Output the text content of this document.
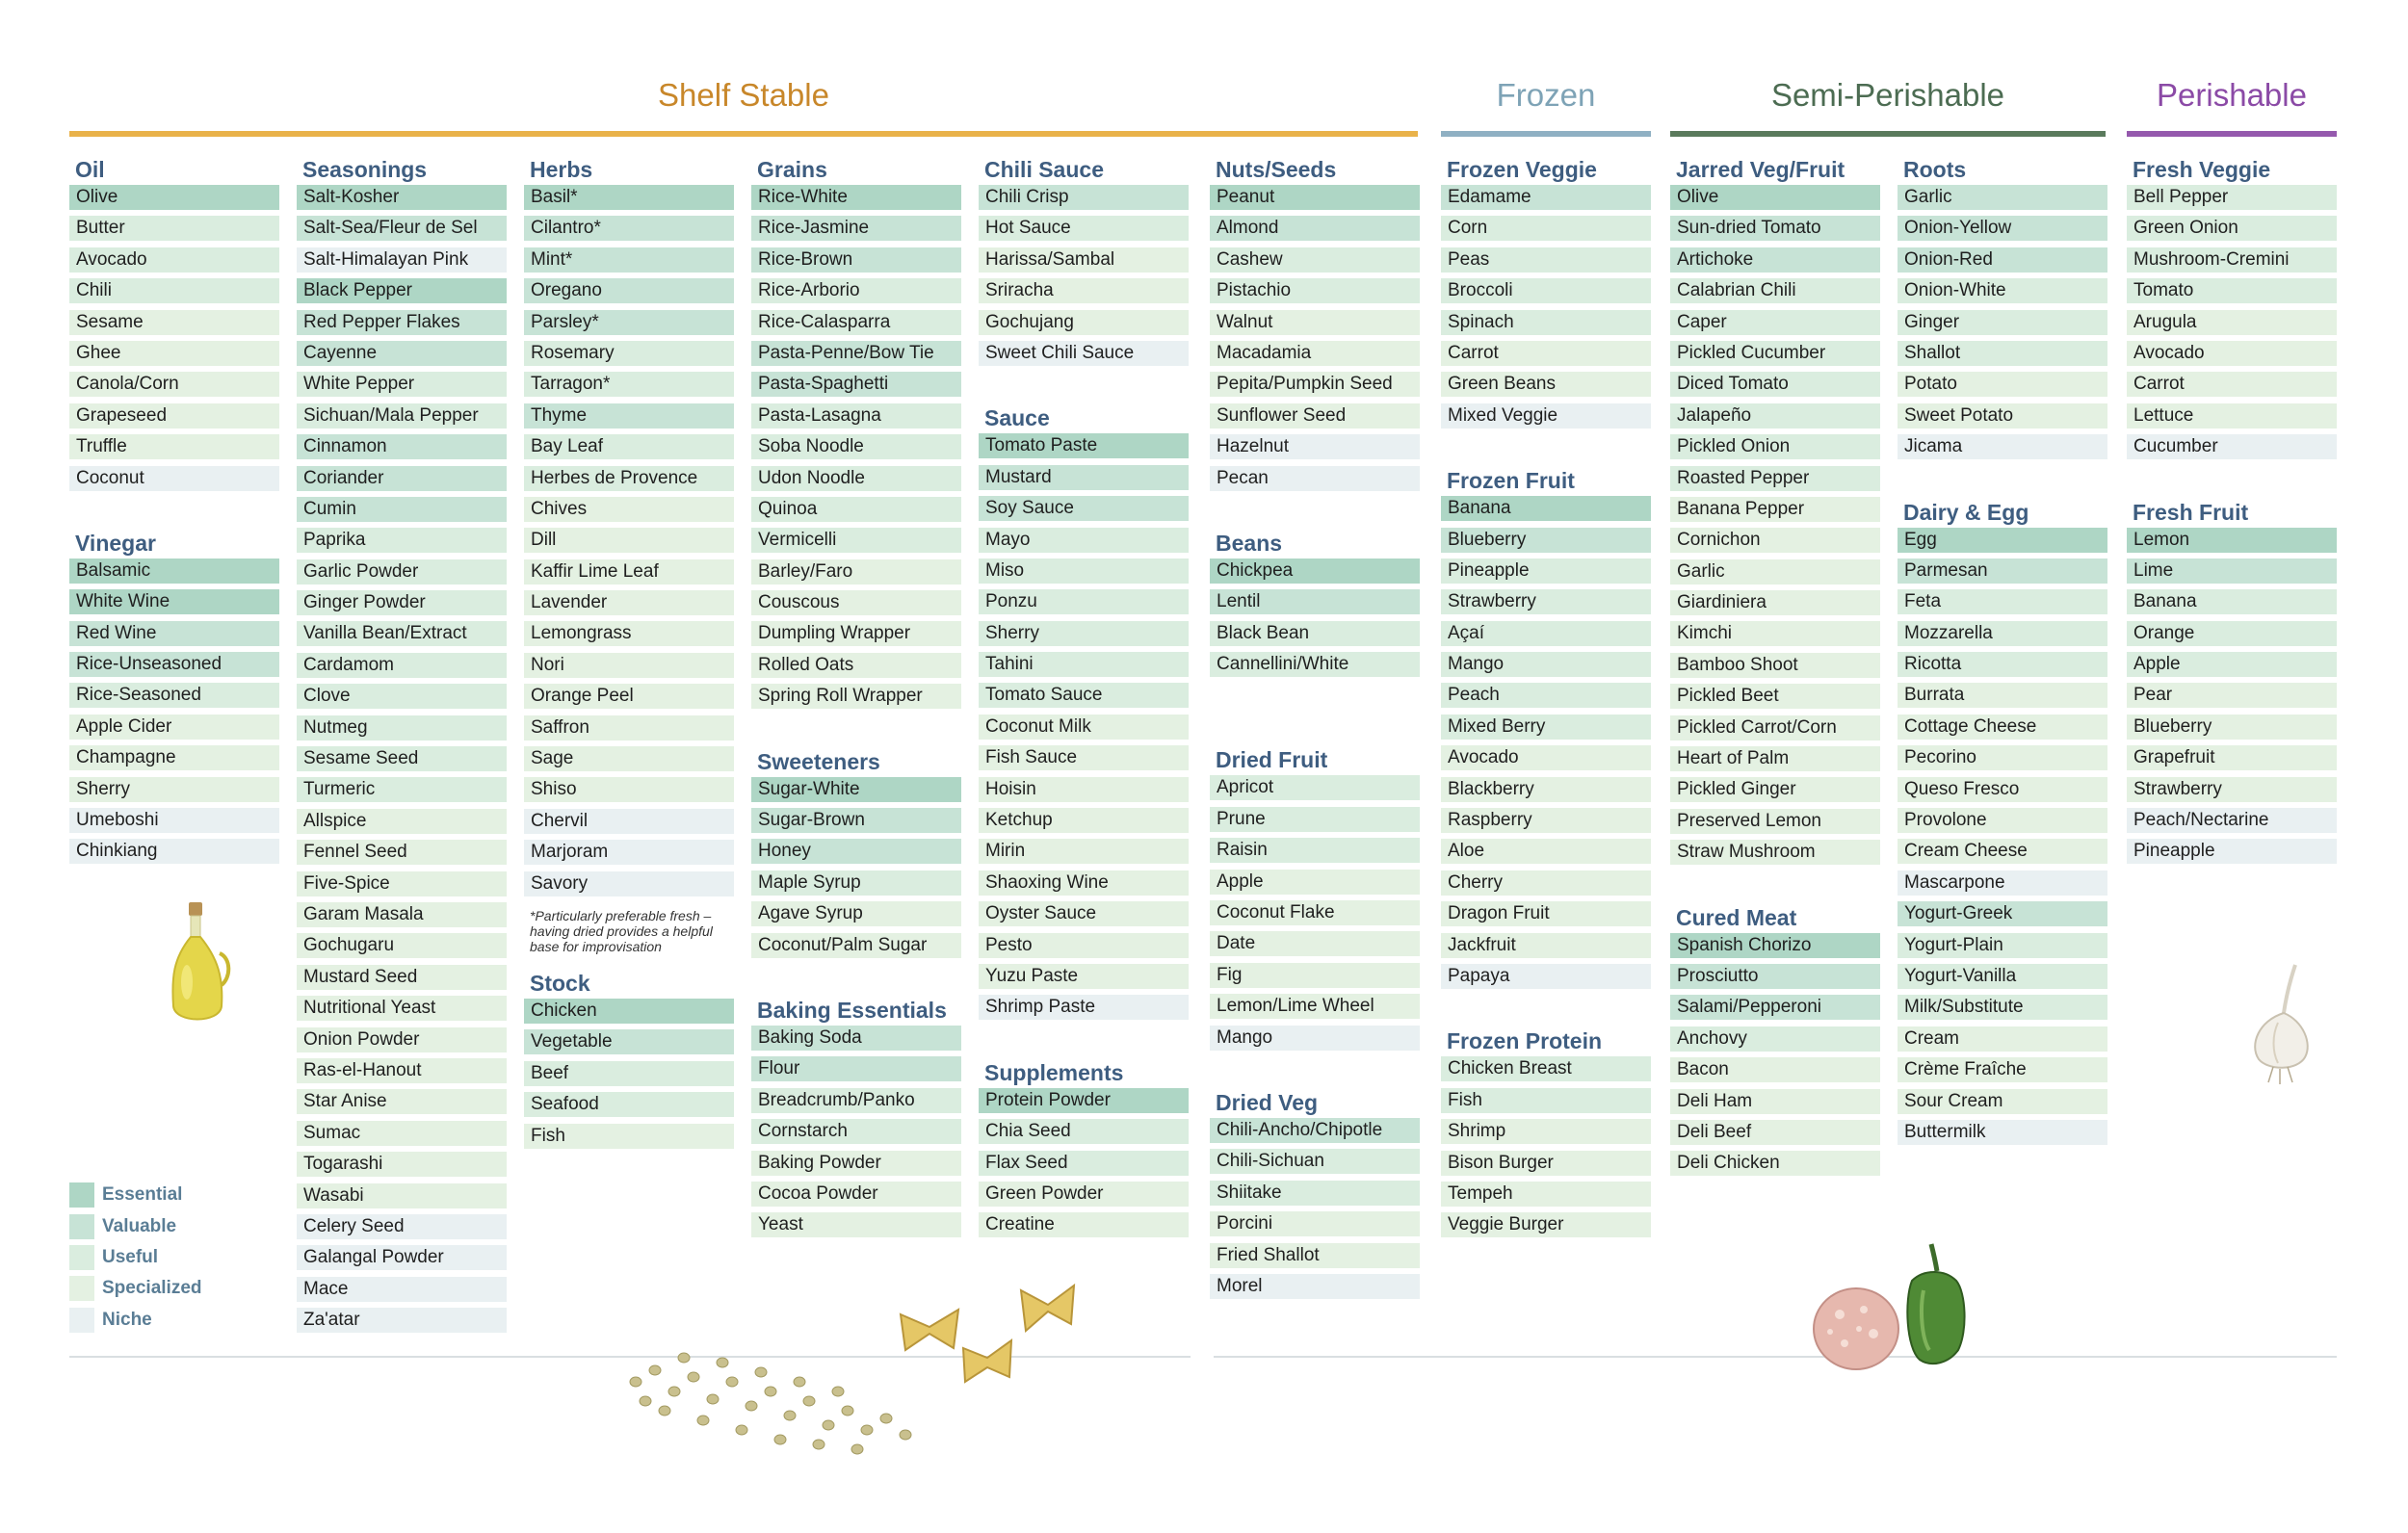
Shelf Stable	Frozen	Semi-Perishable	Perishable
Oil
Olive
Butter
Avocado
Chili
Sesame
Ghee
Canola/Corn
Grapeseed
Truffle
Coconut
Vinegar
Balsamic
White Wine
Red Wine
Rice-Unseasoned
Rice-Seasoned
Apple Cider
Champagne
Sherry
Umeboshi
Chinkiang
Seasonings
Salt-Kosher
Salt-Sea/Fleur de Sel
Salt-Himalayan Pink
Black Pepper
Red Pepper Flakes
Cayenne
White Pepper
Sichuan/Mala Pepper
Cinnamon
Coriander
Cumin
Paprika
Garlic Powder
Ginger Powder
Vanilla Bean/Extract
Cardamom
Clove
Nutmeg
Sesame Seed
Turmeric
Allspice
Fennel Seed
Five-Spice
Garam Masala
Gochugaru
Mustard Seed
Nutritional Yeast
Onion Powder
Ras-el-Hanout
Star Anise
Sumac
Togarashi
Wasabi
Celery Seed
Galangal Powder
Mace
Za'atar
Herbs
Basil*
Cilantro*
Mint*
Oregano
Parsley*
Rosemary
Tarragon*
Thyme
Bay Leaf
Herbes de Provence
Chives
Dill
Kaffir Lime Leaf
Lavender
Lemongrass
Nori
Orange Peel
Saffron
Sage
Shiso
Chervil
Marjoram
Savory
*Particularly preferable fresh – having dried provides a helpful base for improvisation
Stock
Chicken
Vegetable
Beef
Seafood
Fish
Grains
Rice-White
Rice-Jasmine
Rice-Brown
Rice-Arborio
Rice-Calasparra
Pasta-Penne/Bow Tie
Pasta-Spaghetti
Pasta-Lasagna
Soba Noodle
Udon Noodle
Quinoa
Vermicelli
Barley/Faro
Couscous
Dumpling Wrapper
Rolled Oats
Spring Roll Wrapper
Sweeteners
Sugar-White
Sugar-Brown
Honey
Maple Syrup
Agave Syrup
Coconut/Palm Sugar
Baking Essentials
Baking Soda
Flour
Breadcrumb/Panko
Cornstarch
Baking Powder
Cocoa Powder
Yeast
Chili Sauce
Chili Crisp
Hot Sauce
Harissa/Sambal
Sriracha
Gochujang
Sweet Chili Sauce
Sauce
Tomato Paste
Mustard
Soy Sauce
Mayo
Miso
Ponzu
Sherry
Tahini
Tomato Sauce
Coconut Milk
Fish Sauce
Hoisin
Ketchup
Mirin
Shaoxing Wine
Oyster Sauce
Pesto
Yuzu Paste
Shrimp Paste
Supplements
Protein Powder
Chia Seed
Flax Seed
Green Powder
Creatine
Nuts/Seeds
Peanut
Almond
Cashew
Pistachio
Walnut
Macadamia
Pepita/Pumpkin Seed
Sunflower Seed
Hazelnut
Pecan
Beans
Chickpea
Lentil
Black Bean
Cannellini/White
Dried Fruit
Apricot
Prune
Raisin
Apple
Coconut Flake
Date
Fig
Lemon/Lime Wheel
Mango
Dried Veg
Chili-Ancho/Chipotle
Chili-Sichuan
Shiitake
Porcini
Fried Shallot
Morel
Frozen Veggie
Edamame
Corn
Peas
Broccoli
Spinach
Carrot
Green Beans
Mixed Veggie
Frozen Fruit
Banana
Blueberry
Pineapple
Strawberry
Açaí
Mango
Peach
Mixed Berry
Avocado
Blackberry
Raspberry
Aloe
Cherry
Dragon Fruit
Jackfruit
Papaya
Frozen Protein
Chicken Breast
Fish
Shrimp
Bison Burger
Tempeh
Veggie Burger
Jarred Veg/Fruit
Olive
Sun-dried Tomato
Artichoke
Calabrian Chili
Caper
Pickled Cucumber
Diced Tomato
Jalapeño
Pickled Onion
Roasted Pepper
Banana Pepper
Cornichon
Garlic
Giardiniera
Kimchi
Bamboo Shoot
Pickled Beet
Pickled Carrot/Corn
Heart of Palm
Pickled Ginger
Preserved Lemon
Straw Mushroom
Cured Meat
Spanish Chorizo
Prosciutto
Salami/Pepperoni
Anchovy
Bacon
Deli Ham
Deli Beef
Deli Chicken
Roots
Garlic
Onion-Yellow
Onion-Red
Onion-White
Ginger
Shallot
Potato
Sweet Potato
Jicama
Dairy & Egg
Egg
Parmesan
Feta
Mozzarella
Ricotta
Burrata
Cottage Cheese
Pecorino
Queso Fresco
Provolone
Cream Cheese
Mascarpone
Yogurt-Greek
Yogurt-Plain
Yogurt-Vanilla
Milk/Substitute
Cream
Crème Fraîche
Sour Cream
Buttermilk
Fresh Veggie
Bell Pepper
Green Onion
Mushroom-Cremini
Tomato
Arugula
Avocado
Carrot
Lettuce
Cucumber
Fresh Fruit
Lemon
Lime
Banana
Orange
Apple
Pear
Blueberry
Grapefruit
Strawberry
Peach/Nectarine
Pineapple
Essential
Valuable
Useful
Specialized
Niche
